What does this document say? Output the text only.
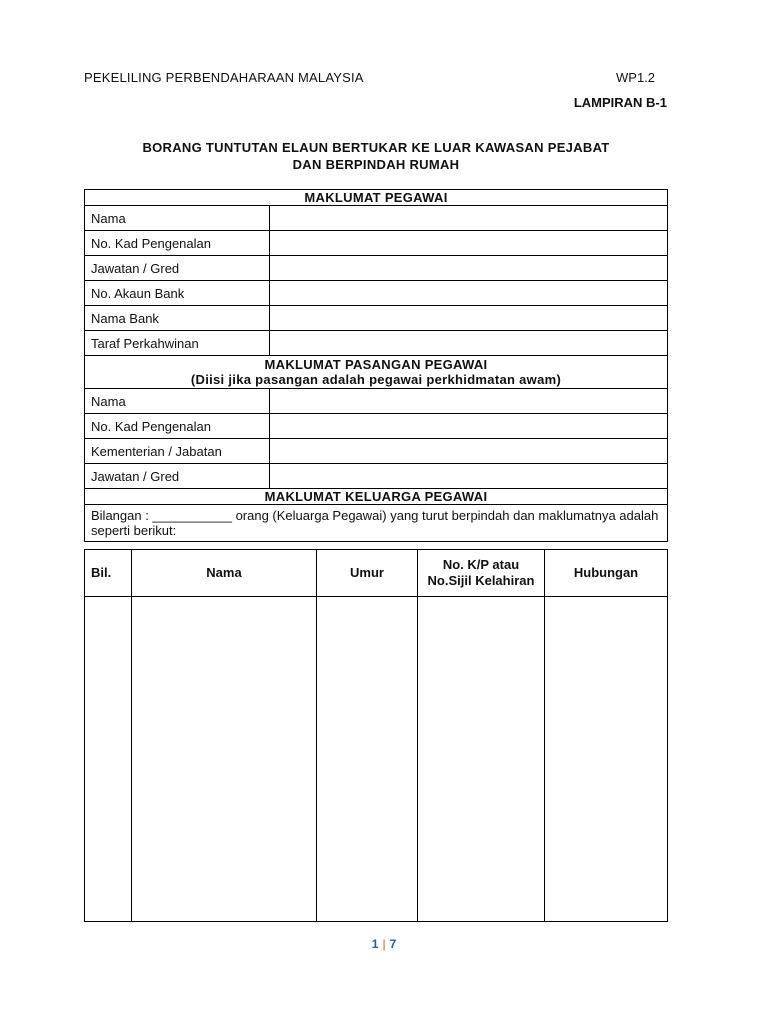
PEKELILING PERBENDAHARAAN MALAYSIA	WP1.2
LAMPIRAN B-1
BORANG TUNTUTAN ELAUN BERTUKAR KE LUAR KAWASAN PEJABAT
DAN BERPINDAH RUMAH
MAKLUMAT PEGAWAI	
Nama	
No. Kad Pengenalan	
Jawatan / Gred	
No. Akaun Bank	
Nama Bank	
Taraf Perkahwinan	
MAKLUMAT PASANGAN PEGAWAI
(Diisi jika pasangan adalah pegawai perkhidmatan awam)	
Nama	
No. Kad Pengenalan	
Kementerian / Jabatan	
Jawatan / Gred	
MAKLUMAT KELUARGA PEGAWAI	
Bilangan : ___________ orang (Keluarga Pegawai) yang turut berpindah dan maklumatnya adalah seperti berikut:	
Bil.	Nama	Umur	No. K/P atau No.Sijil Kelahiran	Hubungan

1 | 7
